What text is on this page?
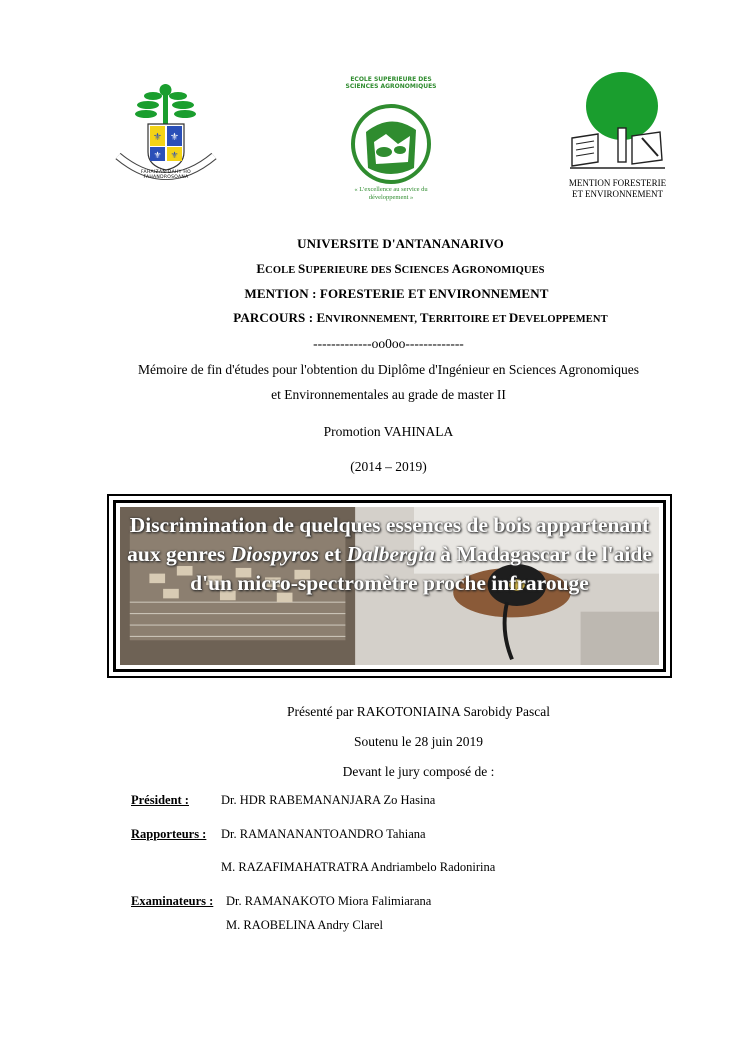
⚜ ⚜
⚜ ⚜
FAHAIZAN-DAHY HO FAHANDROSOANA
ECOLE SUPERIEURE DES SCIENCES AGRONOMIQUES
« L'excellence au service du
développement »
MENTION FORESTERIE
ET ENVIRONNEMENT
UNIVERSITE D'ANTANANARIVO
ECOLE SUPERIEURE DES SCIENCES AGRONOMIQUES
MENTION : FORESTERIE ET ENVIRONNEMENT
PARCOURS : ENVIRONNEMENT, TERRITOIRE ET DEVELOPPEMENT
-------------oo0oo-------------
Mémoire de fin d'études pour l'obtention du Diplôme d'Ingénieur en Sciences Agronomiques
et Environnementales au grade de master II
Promotion VAHINALA
(2014 – 2019)
Discrimination de quelques essences de bois appartenant aux genres Diospyros et Dalbergia à Madagascar de l'aide d'un micro-spectromètre proche infrarouge
Présenté par RAKOTONIAINA Sarobidy Pascal
Soutenu le 28 juin 2019
Devant le jury composé de :
Président :	Dr. HDR RABEMANANJARA Zo Hasina
Rapporteurs : Dr. RAMANANANTOANDRO Tahiana
M. RAZAFIMAHATRATRA Andriambelo Radonirina
Examinateurs : Dr. RAMANAKOTO Miora Falimiarana
M. RAOBELINA Andry Clarel
